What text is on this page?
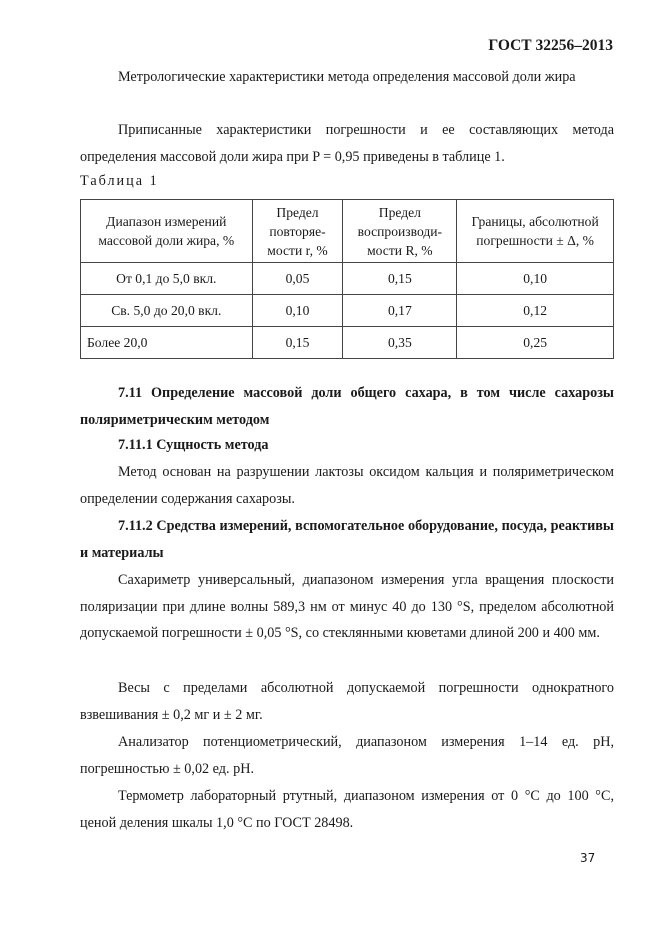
ГОСТ 32256–2013
Метрологические характеристики метода определения массовой доли жира
Приписанные характеристики погрешности и ее составляющих метода определения массовой доли жира при P = 0,95 приведены в таблице 1.
Таблица 1
Диапазон измерений массовой доли жира, %	Предел повторяе-мости r, %	Предел воспроизводи-мости R, %	Границы, абсолютной погрешности ± Δ, %
От 0,1 до 5,0 вкл.	0,05	0,15	0,10
Св. 5,0 до 20,0 вкл.	0,10	0,17	0,12
Более 20,0	0,15	0,35	0,25
7.11 Определение массовой доли общего сахара, в том числе сахарозы поляриметрическим методом
7.11.1 Сущность метода
Метод основан на разрушении лактозы оксидом кальция и поляриметрическом определении содержания сахарозы.
7.11.2 Средства измерений, вспомогательное оборудование, посуда, реактивы и материалы
Сахариметр универсальный, диапазоном измерения угла вращения плоскости поляризации при длине волны 589,3 нм от минус 40 до 130 °S, пределом абсолютной допускаемой погрешности ± 0,05 °S, со стеклянными кюветами длиной 200 и 400 мм.
Весы с пределами абсолютной допускаемой погрешности однократного взвешивания ± 0,2 мг и ± 2 мг.
Анализатор потенциометрический, диапазоном измерения 1–14 ед. рН, погрешностью ± 0,02 ед. рН.
Термометр лабораторный ртутный, диапазоном измерения от 0 °С до 100 °С, ценой деления шкалы 1,0 °С по ГОСТ 28498.
37
